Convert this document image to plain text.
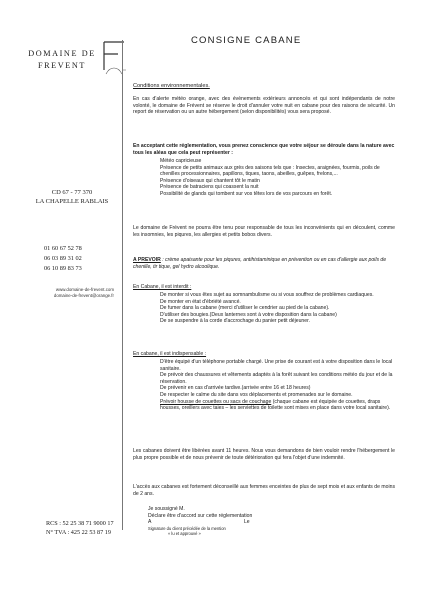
DOMAINE DE
FREVENT
CD 67 - 77 370
LA CHAPELLE RABLAIS
01 60 67 52 78
06 03 89 31 02
06 10 89 83 73
www.domaine-de-frevent.com
domaine-de-frevent@orange.fr
RCS : 52 25 38 71 9000 17
N° TVA : 425 22 53 87 19
CONSIGNE CABANE
Conditions environnementales.
En cas d'alerte météo orange, avec des évènements extérieurs annoncés et qui sont indépendants de notre volonté, le domaine de Frévent se réserve le droit d'annuler votre nuit en cabane pour des raisons de sécurité. Un report de réservation ou un autre hébergement (selon disponibilités) vous sera proposé.
En acceptant cette réglementation, vous prenez conscience que votre séjour se déroule dans la nature avec tous les aléas que cela peut représenter :
Météo capricieuse
Présence de petits animaux aux grès des saisons tels que : Insectes, araignées, fourmis, poils de chenilles processionnaires, papillons, tiques, taons, abeilles, guêpes, frelons,...
Présence d'oiseaux qui chantent tôt le matin
Présence de batraciens qui coassent la nuit
Possibilité de glands qui tombent sur vos têtes lors de vos parcours en forêt.
Le domaine de Frévent ne pourra être tenu pour responsable de tous les inconvénients qui en découlent, comme les insomnies, les piqures, les allergies et petits bobos divers.
A PREVOIR : crème apaisante pour les piqures, antihistaminique en prévention ou en cas d'allergie aux poils de chenille, tir tique, gel hydro alcoolique.
En Cabane, il est interdit :
De monter si vous êtes sujet au somnambulisme ou si vous souffrez de problèmes cardiaques.
De monter en état d'ébriété avancé.
De fumer dans la cabane (merci d'utiliser le cendrier au pied de la cabane).
D'utiliser des bougies.(Deux lanternes sont à votre disposition dans la cabane)
De se suspendre à la corde d'accrochage du panier petit déjeuner.
En cabane, il est indispensable :
D'être équipé d'un téléphone portable chargé. Une prise de courant est à votre disposition dans le local sanitaire.
De prévoir des chaussures et vêtements adaptés à la forêt suivant les conditions météo du jour et de la réservation.
De prévenir en cas d'arrivée tardive.(arrivée entre 16 et 18 heures)
De respecter le calme du site dans vos déplacements et promenades sur le domaine.
Prévoir housse de couettes ou sacs de couchage (chaque cabane est équipée de couettes, draps housses, oreillers avec taies – les serviettes de toilette sont mises en place dans votre local sanitaire).
Les cabanes doivent être libérées avant 11 heures. Nous vous demandons de bien vouloir rendre l'hébergement le plus propre possible et de nous prévenir de toute détérioration qui fera l'objet d'une indemnité.
L'accès aux cabanes est fortement déconseillé aux femmes enceintes de plus de sept mois et aux enfants de moins de 2 ans.
Je soussigné M.
Déclare être d'accord sur cette réglementation
A	Le
Signature du client précédée de la mention
« lu et approuvé »
